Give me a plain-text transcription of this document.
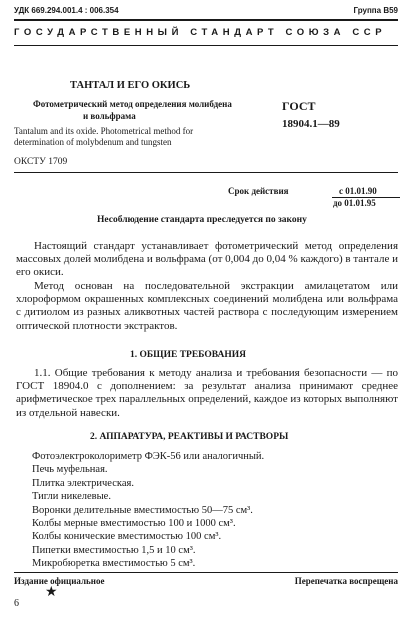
УДК 669.294.001.4 : 006.354	Группа В59
ГОСУДАРСТВЕННЫЙ СТАНДАРТ СОЮЗА ССР
ТАНТАЛ И ЕГО ОКИСЬ
Фотометрический метод определения молибдена
и вольфрама
Tantalum and its oxide. Photometrical method for
determination of molybdenum and tungsten
ГОСТ
18904.1—89
ОКСТУ 1709
Срок действия	с 01.01.90
до 01.01.95
Несоблюдение стандарта преследуется по закону
Настоящий стандарт устанавливает фотометрический метод определения массовых долей молибдена и вольфрама (от 0,004 до 0,04 % каждого) в тантале и его окиси.
Метод основан на последовательной экстракции амилацетатом или хлороформом окрашенных комплексных соединений молибдена или вольфрама с дитиолом из разных аликвотных частей раствора с последующим измерением оптической плотности экстрактов.
1. ОБЩИЕ ТРЕБОВАНИЯ
1.1. Общие требования к методу анализа и требования безопасности — по ГОСТ 18904.0 с дополнением: за результат анализа принимают среднее арифметическое трех параллельных определений, каждое из которых выполняют из отдельной навески.
2. АППАРАТУРА, РЕАКТИВЫ И РАСТВОРЫ
Фотоэлектроколориметр ФЭК-56 или аналогичный.
Печь муфельная.
Плитка электрическая.
Тигли никелевые.
Воронки делительные вместимостью 50—75 см³.
Колбы мерные вместимостью 100 и 1000 см³.
Колбы конические вместимостью 100 см³.
Пипетки вместимостью 1,5 и 10 см³.
Микробюретка вместимостью 5 см³.
Издание официальное	Перепечатка воспрещена
★
6
